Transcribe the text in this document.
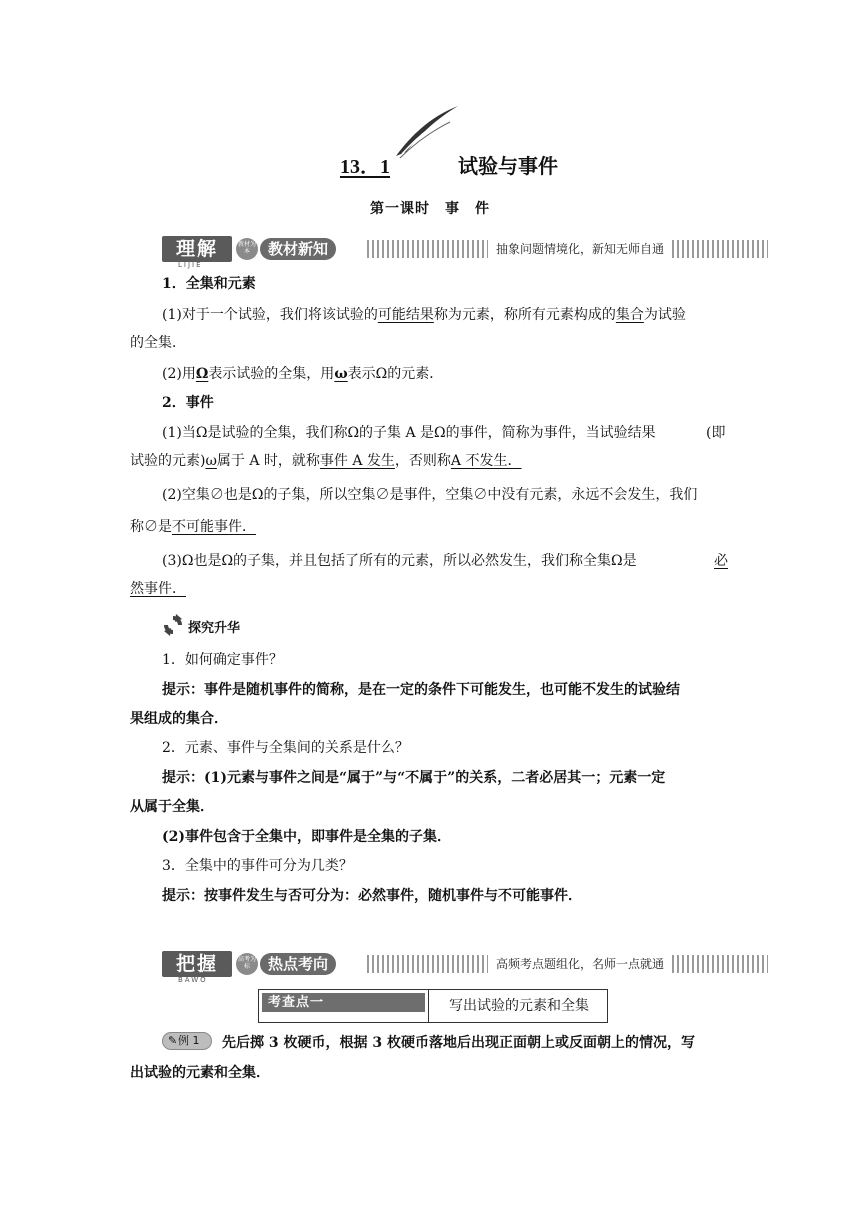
13．1	试验与事件
第一课时　事　件
抽象问题情境化，新知无师自通
理解
LIJIE
教材为本	教材新知
1．全集和元素
(1)对于一个试验，我们将该试验的可能结果称为元素，称所有元素构成的集合为试验
的全集．
(2)用Ω表示试验的全集，用ω表示Ω的元素．
2．事件
(1)当Ω是试验的全集，我们称Ω的子集 A 是Ω的事件，简称为事件，当试验结果	(即
试验的元素)ω属于 A 时，就称事件 A 发生，否则称A 不发生．
(2)空集∅也是Ω的子集，所以空集∅是事件，空集∅中没有元素，永远不会发生，我们
称∅是不可能事件．
(3)Ω也是Ω的子集，并且包括了所有的元素，所以必然发生，我们称全集Ω是	必
然事件．
探究升华
1．如何确定事件？
提示：事件是随机事件的简称，是在一定的条件下可能发生，也可能不发生的试验结
果组成的集合．
2．元素、事件与全集间的关系是什么？
提示：(1)元素与事件之间是“属于”与“不属于”的关系，二者必居其一；元素一定
从属于全集．
(2)事件包含于全集中，即事件是全集的子集．
3．全集中的事件可分为几类？
提示：按事件发生与否可分为：必然事件，随机事件与不可能事件．
高频考点题组化，名师一点就通
把握
BAWO
高考为标	热点考向
考查点一	写出试验的元素和全集
✎例 1	先后掷 3 枚硬币，根据 3 枚硬币落地后出现正面朝上或反面朝上的情况，写
出试验的元素和全集．
